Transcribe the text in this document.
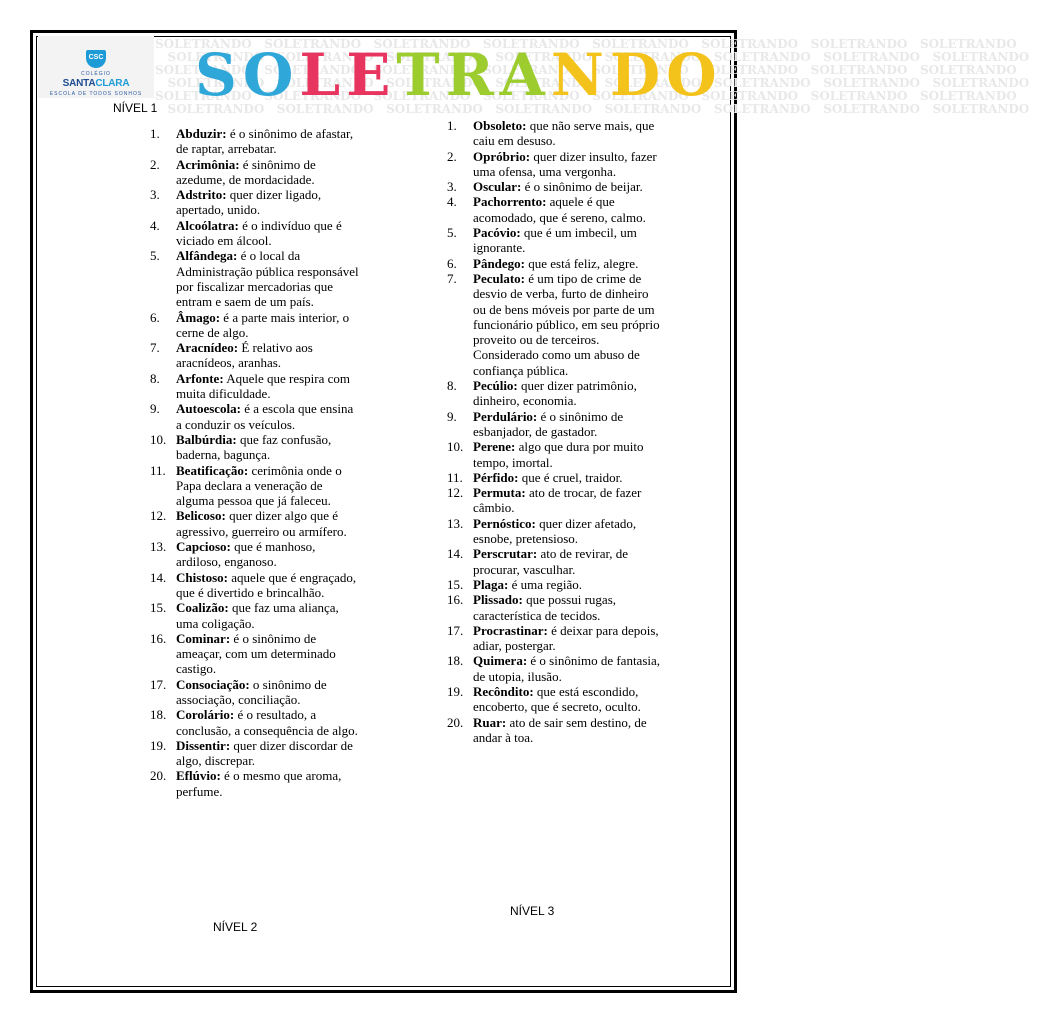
CSC
COLÉGIO
SANTACLARA
ESCOLA DE TODOS SONHOS
SOLETRANDO   SOLETRANDO   SOLETRANDO   SOLETRANDO   SOLETRANDO   SOLETRANDO   SOLETRANDO   SOLETRANDO
SOLETRANDO   SOLETRANDO   SOLETRANDO   SOLETRANDO   SOLETRANDO   SOLETRANDO   SOLETRANDO   SOLETRANDO
SOLETRANDO   SOLETRANDO   SOLETRANDO   SOLETRANDO   SOLETRANDO   SOLETRANDO   SOLETRANDO   SOLETRANDO
SOLETRANDO   SOLETRANDO   SOLETRANDO   SOLETRANDO   SOLETRANDO   SOLETRANDO   SOLETRANDO   SOLETRANDO
SOLETRANDO   SOLETRANDO   SOLETRANDO   SOLETRANDO   SOLETRANDO   SOLETRANDO   SOLETRANDO   SOLETRANDO
SOLETRANDO   SOLETRANDO   SOLETRANDO   SOLETRANDO   SOLETRANDO   SOLETRANDO   SOLETRANDO   SOLETRANDO

SOLETRANDO
NÍVEL 1
NÍVEL 2
NÍVEL 3
1.	Abduzir: é o sinônimo de afastar, de raptar, arrebatar.
2.	Acrimônia: é sinônimo de azedume, de mordacidade.
3.	Adstrito: quer dizer ligado, apertado, unido.
4.	Alcoólatra: é o indivíduo que é viciado em álcool.
5.	Alfândega: é o local da Administração pública responsável por fiscalizar mercadorias que entram e saem de um país.
6.	Âmago: é a parte mais interior, o cerne de algo.
7.	Aracnídeo: É relativo aos aracnídeos, aranhas.
8.	Arfonte: Aquele que respira com muita dificuldade.
9.	Autoescola: é a escola que ensina a conduzir os veículos.
10. Balbúrdia: que faz confusão, baderna, bagunça.
11. Beatificação: cerimônia onde o Papa declara a veneração de alguma pessoa que já faleceu.
12. Belicoso: quer dizer algo que é agressivo, guerreiro ou armífero.
13. Capcioso: que é manhoso, ardiloso, enganoso.
14. Chistoso: aquele que é engraçado, que é divertido e brincalhão.
15. Coalizão: que faz uma aliança, uma coligação.
16. Cominar: é o sinônimo de ameaçar, com um determinado castigo.
17. Consociação: o sinônimo de associação, conciliação.
18. Corolário: é o resultado, a conclusão, a consequência de algo.
19. Dissentir: quer dizer discordar de algo, discrepar.
20. Eflúvio: é o mesmo que aroma, perfume.
1.	Obsoleto: que não serve mais, que caiu em desuso.
2.	Opróbrio: quer dizer insulto, fazer uma ofensa, uma vergonha.
3.	Oscular: é o sinônimo de beijar.
4.	Pachorrento: aquele é que acomodado, que é sereno, calmo.
5.	Pacóvio: que é um imbecil, um ignorante.
6.	Pândego: que está feliz, alegre.
7.	Peculato: é um tipo de crime de desvio de verba, furto de dinheiro ou de bens móveis por parte de um funcionário público, em seu próprio proveito ou de terceiros. Considerado como um abuso de confiança pública.
8.	Pecúlio: quer dizer patrimônio, dinheiro, economia.
9.	Perdulário: é o sinônimo de esbanjador, de gastador.
10. Perene: algo que dura por muito tempo, imortal.
11. Pérfido: que é cruel, traidor.
12. Permuta: ato de trocar, de fazer câmbio.
13. Pernóstico: quer dizer afetado, esnobe, pretensioso.
14. Perscrutar: ato de revirar, de procurar, vasculhar.
15. Plaga: é uma região.
16. Plissado: que possui rugas, característica de tecidos.
17. Procrastinar: é deixar para depois, adiar, postergar.
18. Quimera: é o sinônimo de fantasia, de utopia, ilusão.
19. Recôndito: que está escondido, encoberto, que é secreto, oculto.
20. Ruar: ato de sair sem destino, de andar à toa.
